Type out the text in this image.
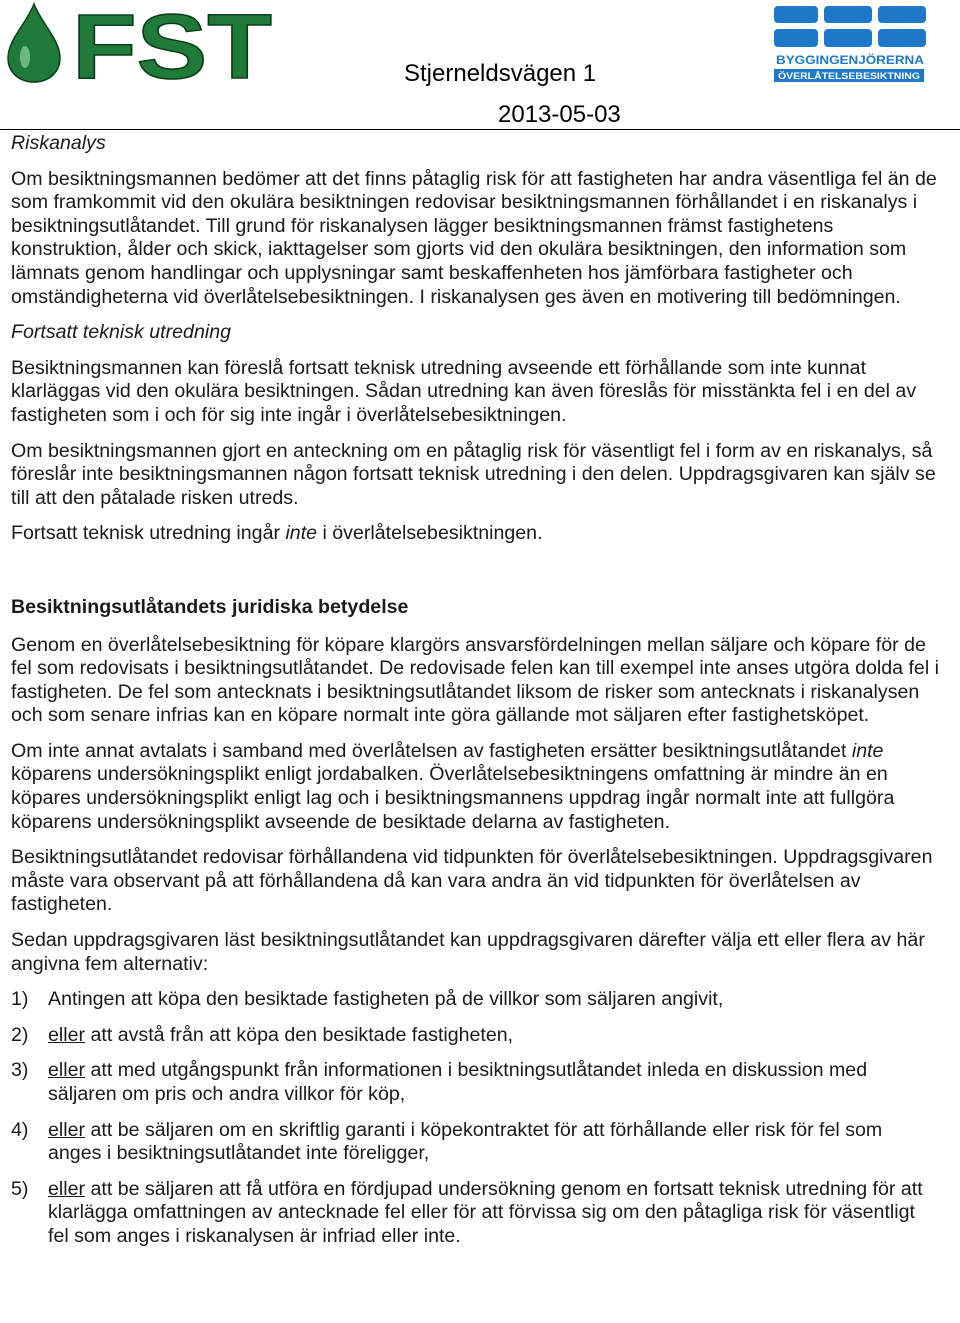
FST	BYGGINGENJÖRERNA
ÖVERLÅTELSEBESIKTNING
Stjerneldsvägen 1
2013-05-03

Riskanalys

Om besiktningsmannen bedömer att det finns påtaglig risk för att fastigheten har andra väsentliga fel än de som framkommit vid den okulära besiktningen redovisar besiktningsmannen förhållandet i en riskanalys i besiktningsutlåtandet. Till grund för riskanalysen lägger besiktningsmannen främst fastighetens konstruktion, ålder och skick, iakttagelser som gjorts vid den okulära besiktningen, den information som lämnats genom handlingar och upplysningar samt beskaffenheten hos jämförbara fastigheter och omständigheterna vid överlåtelsebesiktningen. I riskanalysen ges även en motivering till bedömningen.

Fortsatt teknisk utredning

Besiktningsmannen kan föreslå fortsatt teknisk utredning avseende ett förhållande som inte kunnat klarläggas vid den okulära besiktningen. Sådan utredning kan även föreslås för misstänkta fel i en del av fastigheten som i och för sig inte ingår i överlåtelsebesiktningen.

Om besiktningsmannen gjort en anteckning om en påtaglig risk för väsentligt fel i form av en riskanalys, så föreslår inte besiktningsmannen någon fortsatt teknisk utredning i den delen. Uppdragsgivaren kan själv se till att den påtalade risken utreds.

Fortsatt teknisk utredning ingår inte i överlåtelsebesiktningen.

Besiktningsutlåtandets juridiska betydelse

Genom en överlåtelsebesiktning för köpare klargörs ansvarsfördelningen mellan säljare och köpare för de fel som redovisats i besiktningsutlåtandet. De redovisade felen kan till exempel inte anses utgöra dolda fel i fastigheten. De fel som antecknats i besiktningsutlåtandet liksom de risker som antecknats i riskanalysen och som senare infrias kan en köpare normalt inte göra gällande mot säljaren efter fastighetsköpet.

Om inte annat avtalats i samband med överlåtelsen av fastigheten ersätter besiktningsutlåtandet inte köparens undersökningsplikt enligt jordabalken. Överlåtelsebesiktningens omfattning är mindre än en köpares undersökningsplikt enligt lag och i besiktningsmannens uppdrag ingår normalt inte att fullgöra köparens undersökningsplikt avseende de besiktade delarna av fastigheten.

Besiktningsutlåtandet redovisar förhållandena vid tidpunkten för överlåtelsebesiktningen. Uppdragsgivaren måste vara observant på att förhållandena då kan vara andra än vid tidpunkten för överlåtelsen av fastigheten.

Sedan uppdragsgivaren läst besiktningsutlåtandet kan uppdragsgivaren därefter välja ett eller flera av här angivna fem alternativ:

1) Antingen att köpa den besiktade fastigheten på de villkor som säljaren angivit,
2) eller att avstå från att köpa den besiktade fastigheten,
3) eller att med utgångspunkt från informationen i besiktningsutlåtandet inleda en diskussion med säljaren om pris och andra villkor för köp,
4) eller att be säljaren om en skriftlig garanti i köpekontraktet för att förhållande eller risk för fel som anges i besiktningsutlåtandet inte föreligger,
5) eller att be säljaren att få utföra en fördjupad undersökning genom en fortsatt teknisk utredning för att klarlägga omfattningen av antecknade fel eller för att förvissa sig om den påtagliga risk för väsentligt fel som anges i riskanalysen är infriad eller inte.
